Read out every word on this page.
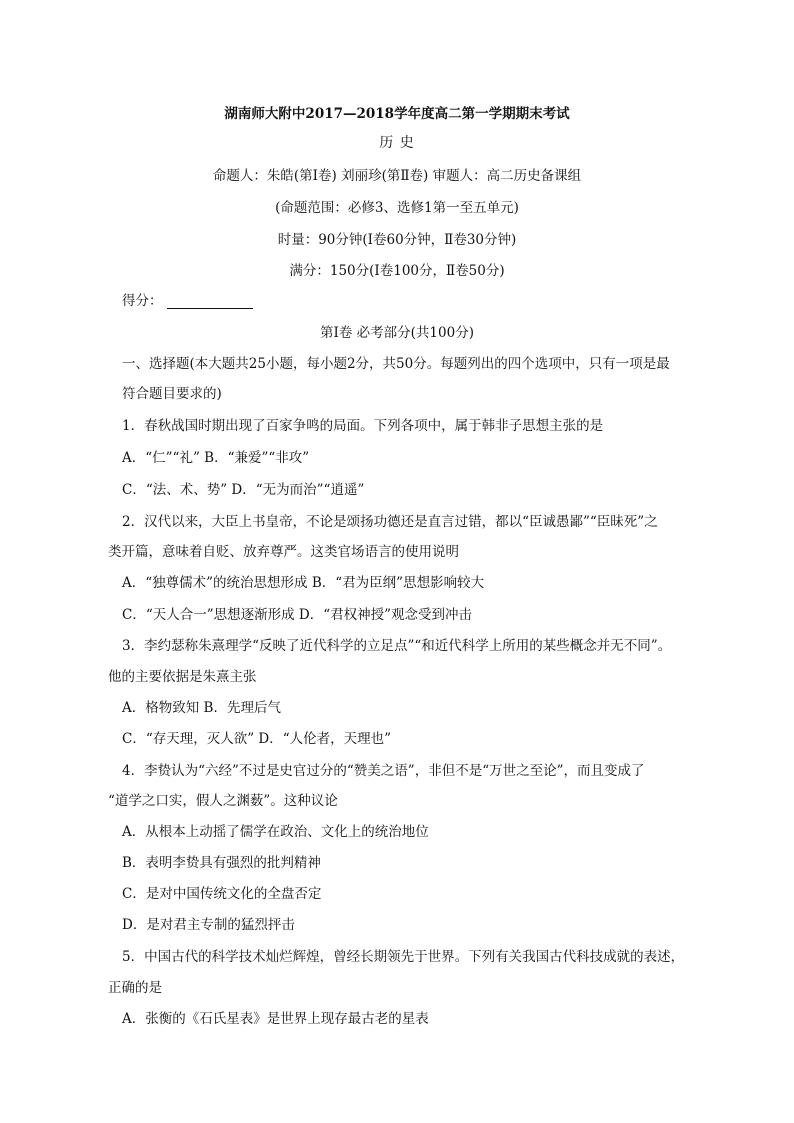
湖南师大附中2017—2018学年度高二第一学期期末考试
历 史
命题人：朱皓(第Ⅰ卷) 刘丽珍(第Ⅱ卷) 审题人：高二历史备课组
(命题范围：必修3、选修1第一至五单元)
时量：90分钟(Ⅰ卷60分钟，Ⅱ卷30分钟)
满分：150分(Ⅰ卷100分，Ⅱ卷50分)
得分：
第Ⅰ卷 必考部分(共100分)
一、选择题(本大题共25小题，每小题2分，共50分。每题列出的四个选项中，只有一项是最
符合题目要求的)
1．春秋战国时期出现了百家争鸣的局面。下列各项中，属于韩非子思想主张的是
A．“仁”“礼” B．“兼爱”“非攻”
C．“法、术、势” D．“无为而治”“逍遥”
2．汉代以来，大臣上书皇帝，不论是颂扬功德还是直言过错，都以“臣诚愚鄙”“臣昧死”之
类开篇，意味着自贬、放弃尊严。这类官场语言的使用说明
A．“独尊儒术”的统治思想形成 B．“君为臣纲”思想影响较大
C．“天人合一”思想逐渐形成 D．“君权神授”观念受到冲击
3．李约瑟称朱熹理学“反映了近代科学的立足点”“和近代科学上所用的某些概念并无不同”。
他的主要依据是朱熹主张
A．格物致知 B．先理后气
C．“存天理，灭人欲” D．“人伦者，天理也”
4．李贽认为“六经”不过是史官过分的“赞美之语”，非但不是“万世之至论”，而且变成了
“道学之口实，假人之渊薮”。这种议论
A．从根本上动摇了儒学在政治、文化上的统治地位
B．表明李贽具有强烈的批判精神
C．是对中国传统文化的全盘否定
D．是对君主专制的猛烈抨击
5．中国古代的科学技术灿烂辉煌，曾经长期领先于世界。下列有关我国古代科技成就的表述，
正确的是
A．张衡的《石氏星表》是世界上现存最古老的星表
